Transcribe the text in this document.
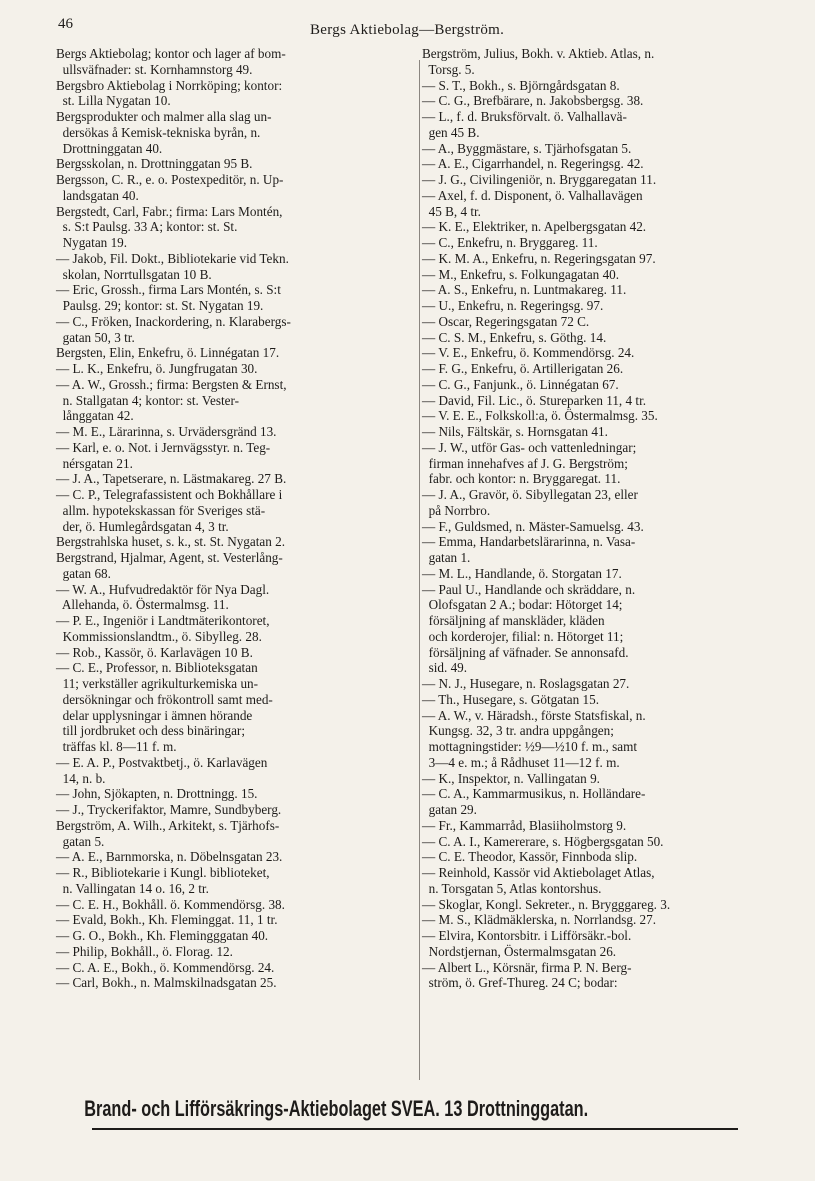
46	Bergs Aktiebolag—Bergström.
Bergs Aktiebolag; kontor och lager af bom-
ullsväfnader: st. Kornhamnstorg 49.
Bergsbro Aktiebolag i Norrköping; kontor:
st. Lilla Nygatan 10.
Bergsprodukter och malmer alla slag un-
dersökas å Kemisk-tekniska byrån, n.
Drottninggatan 40.
Bergsskolan, n. Drottninggatan 95 B.
Bergsson, C. R., e. o. Postexpeditör, n. Up-
landsgatan 40.
Bergstedt, Carl, Fabr.; firma: Lars Montén,
s. S:t Paulsg. 33 A; kontor: st. St.
Nygatan 19.
— Jakob, Fil. Dokt., Bibliotekarie vid Tekn.
skolan, Norrtullsgatan 10 B.
— Eric, Grossh., firma Lars Montén, s. S:t
Paulsg. 29; kontor: st. St. Nygatan 19.
— C., Fröken, Inackordering, n. Klarabergs-
gatan 50, 3 tr.
Bergsten, Elin, Enkefru, ö. Linnégatan 17.
— L. K., Enkefru, ö. Jungfrugatan 30.
— A. W., Grossh.; firma: Bergsten & Ernst,
n. Stallgatan 4; kontor: st. Vester-
långgatan 42.
— M. E., Lärarinna, s. Urvädersgränd 13.
— Karl, e. o. Not. i Jernvägsstyr. n. Teg-
nérsgatan 21.
— J. A., Tapetserare, n. Lästmakareg. 27 B.
— C. P., Telegrafassistent och Bokhållare i
allm. hypotekskassan för Sveriges stä-
der, ö. Humlegårdsgatan 4, 3 tr.
Bergstrahlska huset, s. k., st. St. Nygatan 2.
Bergstrand, Hjalmar, Agent, st. Vesterlång-
gatan 68.
— W. A., Hufvudredaktör för Nya Dagl.
Allehanda, ö. Östermalmsg. 11.
— P. E., Ingeniör i Landtmäterikontoret,
Kommissionslandtm., ö. Sibylleg. 28.
— Rob., Kassör, ö. Karlavägen 10 B.
— C. E., Professor, n. Biblioteksgatan
11; verkställer agrikulturkemiska un-
dersökningar och frökontroll samt med-
delar upplysningar i ämnen hörande
till jordbruket och dess binäringar;
träffas kl. 8—11 f. m.
— E. A. P., Postvaktbetj., ö. Karlavägen
14, n. b.
— John, Sjökapten, n. Drottningg. 15.
— J., Tryckerifaktor, Mamre, Sundbyberg.
Bergström, A. Wilh., Arkitekt, s. Tjärhofs-
gatan 5.
— A. E., Barnmorska, n. Döbelnsgatan 23.
— R., Bibliotekarie i Kungl. biblioteket,
n. Vallingatan 14 o. 16, 2 tr.
— C. E. H., Bokhåll. ö. Kommendörsg. 38.
— Evald, Bokh., Kh. Fleminggat. 11, 1 tr.
— G. O., Bokh., Kh. Flemingggatan 40.
— Philip, Bokhåll., ö. Florag. 12.
— C. A. E., Bokh., ö. Kommendörsg. 24.
— Carl, Bokh., n. Malmskilnadsgatan 25.
Bergström, Julius, Bokh. v. Aktieb. Atlas, n.
Torsg. 5.
— S. T., Bokh., s. Björngårdsgatan 8.
— C. G., Brefbärare, n. Jakobsbergsg. 38.
— L., f. d. Bruksförvalt. ö. Valhallavä-
gen 45 B.
— A., Byggmästare, s. Tjärhofsgatan 5.
— A. E., Cigarrhandel, n. Regeringsg. 42.
— J. G., Civilingeniör, n. Bryggaregatan 11.
— Axel, f. d. Disponent, ö. Valhallavägen
45 B, 4 tr.
— K. E., Elektriker, n. Apelbergsgatan 42.
— C., Enkefru, n. Bryggareg. 11.
— K. M. A., Enkefru, n. Regeringsgatan 97.
— M., Enkefru, s. Folkungagatan 40.
— A. S., Enkefru, n. Luntmakareg. 11.
— U., Enkefru, n. Regeringsg. 97.
— Oscar, Regeringsgatan 72 C.
— C. S. M., Enkefru, s. Göthg. 14.
— V. E., Enkefru, ö. Kommendörsg. 24.
— F. G., Enkefru, ö. Artillerigatan 26.
— C. G., Fanjunk., ö. Linnégatan 67.
— David, Fil. Lic., ö. Stureparken 11, 4 tr.
— V. E. E., Folkskoll:a, ö. Östermalmsg. 35.
— Nils, Fältskär, s. Hornsgatan 41.
— J. W., utför Gas- och vattenledningar;
firman innehafves af J. G. Bergström;
fabr. och kontor: n. Bryggaregat. 11.
— J. A., Gravör, ö. Sibyllegatan 23, eller
på Norrbro.
— F., Guldsmed, n. Mäster-Samuelsg. 43.
— Emma, Handarbetslärarinna, n. Vasa-
gatan 1.
— M. L., Handlande, ö. Storgatan 17.
— Paul U., Handlande och skräddare, n.
Olofsgatan 2 A.; bodar: Hötorget 14;
försäljning af manskläder, kläden
och korderojer, filial: n. Hötorget 11;
försäljning af väfnader. Se annonsafd.
sid. 49.
— N. J., Husegare, n. Roslagsgatan 27.
— Th., Husegare, s. Götgatan 15.
— A. W., v. Häradsh., förste Statsfiskal, n.
Kungsg. 32, 3 tr. andra uppgången;
mottagningstider: ½9—½10 f. m., samt
3—4 e. m.; å Rådhuset 11—12 f. m.
— K., Inspektor, n. Vallingatan 9.
— C. A., Kammarmusikus, n. Holländare-
gatan 29.
— Fr., Kammarråd, Blasiiholmstorg 9.
— C. A. I., Kamererare, s. Högbergsgatan 50.
— C. E. Theodor, Kassör, Finnboda slip.
— Reinhold, Kassör vid Aktiebolaget Atlas,
n. Torsgatan 5, Atlas kontorshus.
— Skoglar, Kongl. Sekreter., n. Brygggareg. 3.
— M. S., Klädmäklerska, n. Norrlandsg. 27.
— Elvira, Kontorsbitr. i Lifförsäkr.-bol.
Nordstjernan, Östermalmsgatan 26.
— Albert L., Körsnär, firma P. N. Berg-
ström, ö. Gref-Thureg. 24 C; bodar:
Brand- och Lifförsäkrings-Aktiebolaget SVEA. 13 Drottninggatan.
